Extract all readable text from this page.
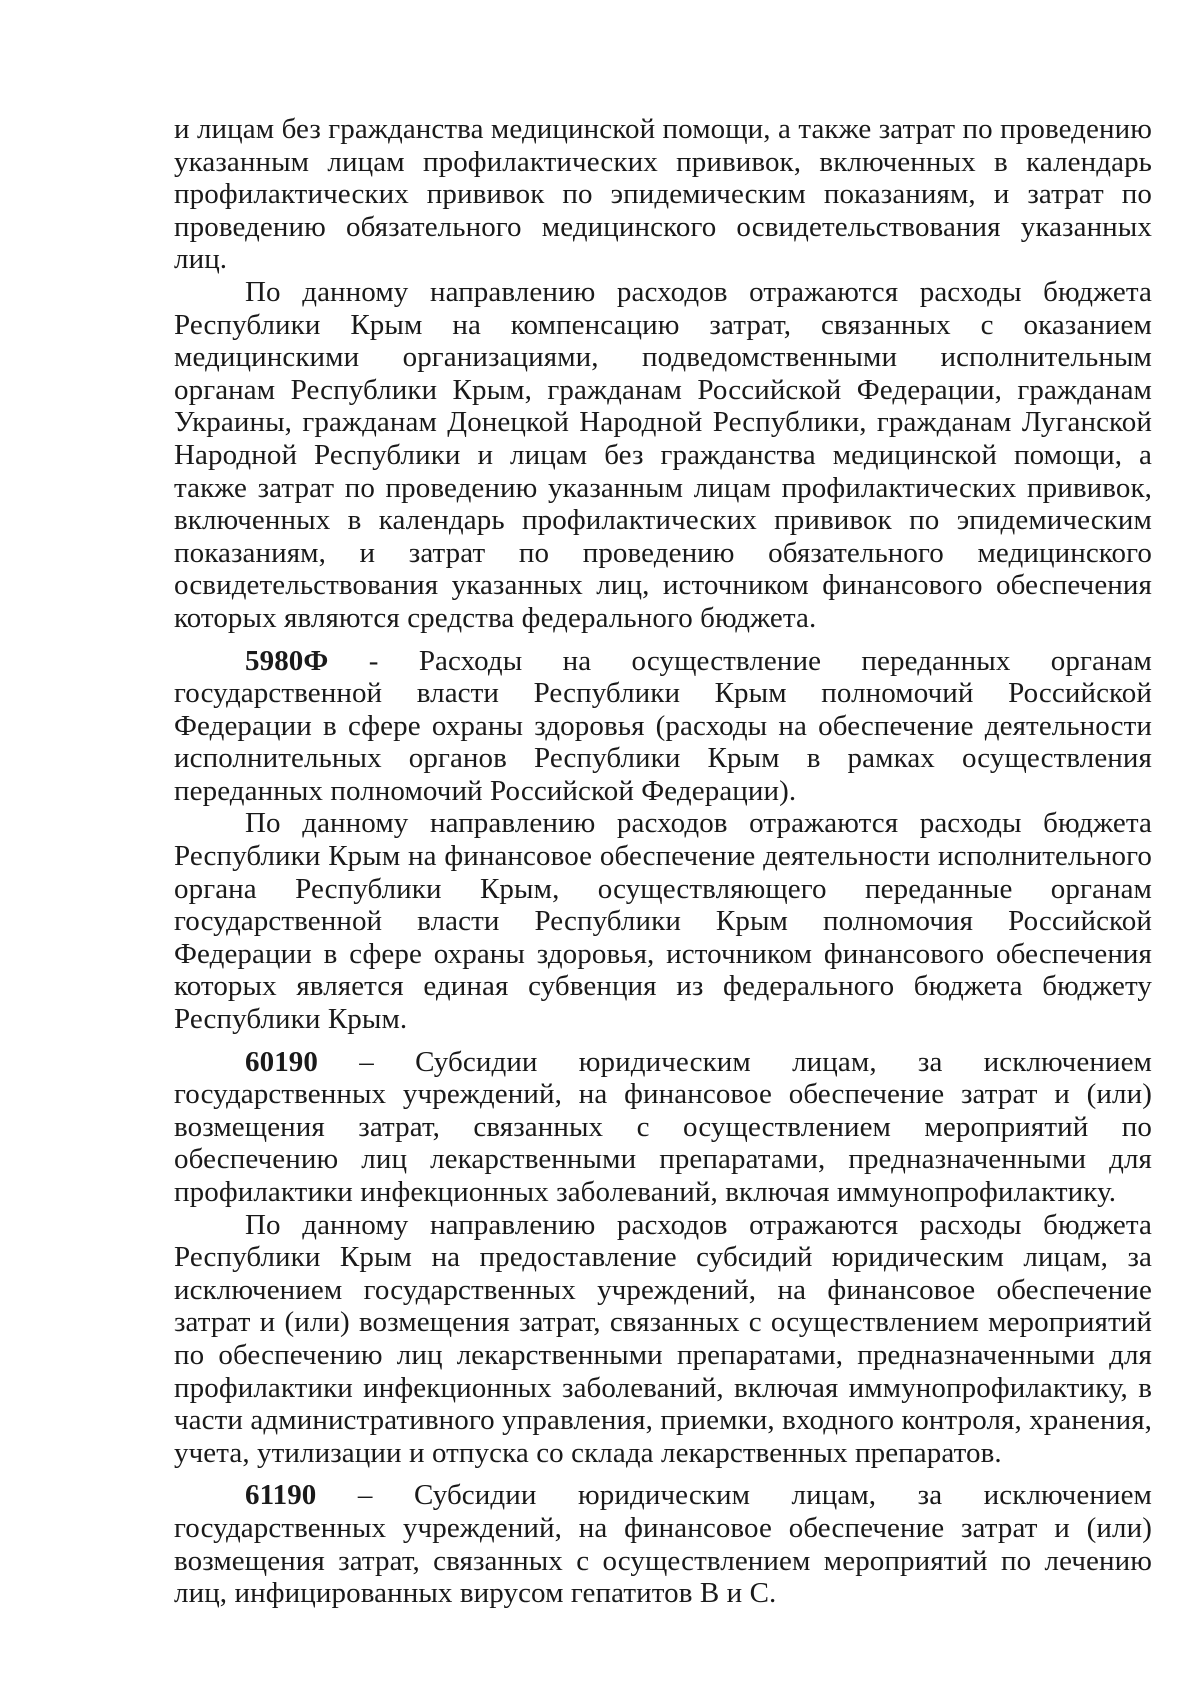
и лицам без гражданства медицинской помощи, а также затрат по проведению указанным лицам профилактических прививок, включенных в календарь профилактических прививок по эпидемическим показаниям, и затрат по проведению обязательного медицинского освидетельствования указанных лиц.

По данному направлению расходов отражаются расходы бюджета Республики Крым на компенсацию затрат, связанных с оказанием медицинскими организациями, подведомственными исполнительным органам Республики Крым, гражданам Российской Федерации, гражданам Украины, гражданам Донецкой Народной Республики, гражданам Луганской Народной Республики и лицам без гражданства медицинской помощи, а также затрат по проведению указанным лицам профилактических прививок, включенных в календарь профилактических прививок по эпидемическим показаниям, и затрат по проведению обязательного медицинского освидетельствования указанных лиц, источником финансового обеспечения которых являются средства федерального бюджета.

5980Ф - Расходы на осуществление переданных органам государственной власти Республики Крым полномочий Российской Федерации в сфере охраны здоровья (расходы на обеспечение деятельности исполнительных органов Республики Крым в рамках осуществления переданных полномочий Российской Федерации).

По данному направлению расходов отражаются расходы бюджета Республики Крым на финансовое обеспечение деятельности исполнительного органа Республики Крым, осуществляющего переданные органам государственной власти Республики Крым полномочия Российской Федерации в сфере охраны здоровья, источником финансового обеспечения которых является единая субвенция из федерального бюджета бюджету Республики Крым.

60190 – Субсидии юридическим лицам, за исключением государственных учреждений, на финансовое обеспечение затрат и (или) возмещения затрат, связанных с осуществлением мероприятий по обеспечению лиц лекарственными препаратами, предназначенными для профилактики инфекционных заболеваний, включая иммунопрофилактику.

По данному направлению расходов отражаются расходы бюджета Республики Крым на предоставление субсидий юридическим лицам, за исключением государственных учреждений, на финансовое обеспечение затрат и (или) возмещения затрат, связанных с осуществлением мероприятий по обеспечению лиц лекарственными препаратами, предназначенными для профилактики инфекционных заболеваний, включая иммунопрофилактику, в части административного управления, приемки, входного контроля, хранения, учета, утилизации и отпуска со склада лекарственных препаратов.

61190 – Субсидии юридическим лицам, за исключением государственных учреждений, на финансовое обеспечение затрат и (или) возмещения затрат, связанных с осуществлением мероприятий по лечению лиц, инфицированных вирусом гепатитов В и С.
